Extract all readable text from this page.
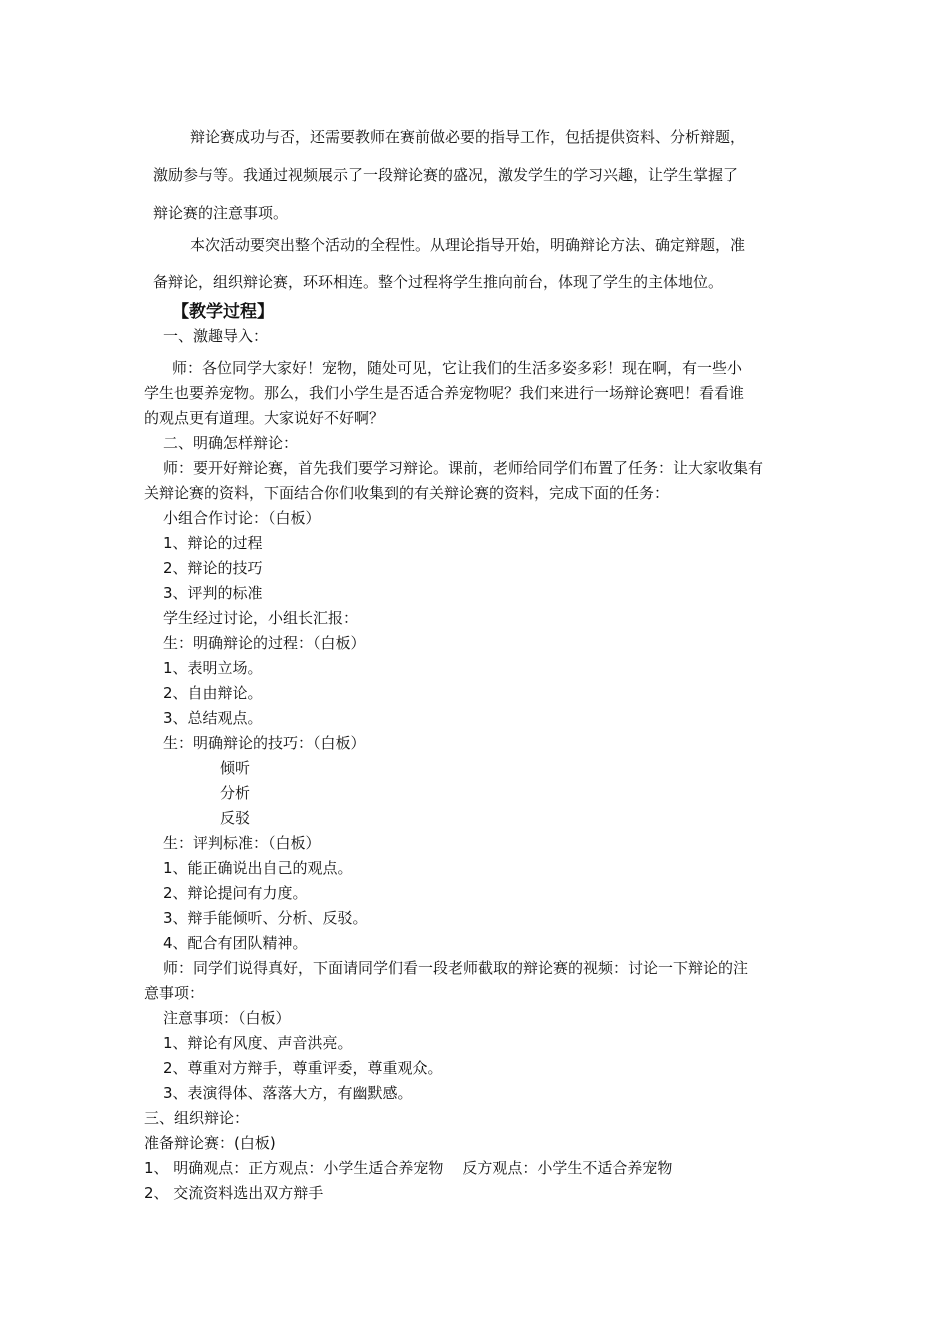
辩论赛成功与否，还需要教师在赛前做必要的指导工作，包括提供资料、分析辩题，
激励参与等。我通过视频展示了一段辩论赛的盛况，激发学生的学习兴趣，让学生掌握了
辩论赛的注意事项。
本次活动要突出整个活动的全程性。从理论指导开始，明确辩论方法、确定辩题，准
备辩论，组织辩论赛，环环相连。整个过程将学生推向前台，体现了学生的主体地位。
【教学过程】
一、激趣导入：
师：各位同学大家好！宠物，随处可见，它让我们的生活多姿多彩！现在啊，有一些小
学生也要养宠物。那么，我们小学生是否适合养宠物呢？我们来进行一场辩论赛吧！看看谁
的观点更有道理。大家说好不好啊？
二、明确怎样辩论：
师：要开好辩论赛，首先我们要学习辩论。课前，老师给同学们布置了任务：让大家收集有
关辩论赛的资料，下面结合你们收集到的有关辩论赛的资料，完成下面的任务：
小组合作讨论：（白板）
1、辩论的过程
2、辩论的技巧
3、评判的标准
学生经过讨论，小组长汇报：
生：明确辩论的过程：（白板）
1、表明立场。
2、自由辩论。
3、总结观点。
生：明确辩论的技巧：（白板）
倾听
分析
反驳
生：评判标准：（白板）
1、能正确说出自己的观点。
2、辩论提问有力度。
3、辩手能倾听、分析、反驳。
4、配合有团队精神。
师：同学们说得真好，下面请同学们看一段老师截取的辩论赛的视频：讨论一下辩论的注
意事项：
注意事项：（白板）
1、辩论有风度、声音洪亮。
2、尊重对方辩手，尊重评委，尊重观众。
3、表演得体、落落大方，有幽默感。
三、组织辩论：
准备辩论赛：(白板)
1、 明确观点：正方观点：小学生适合养宠物    反方观点：小学生不适合养宠物
2、 交流资料选出双方辩手
